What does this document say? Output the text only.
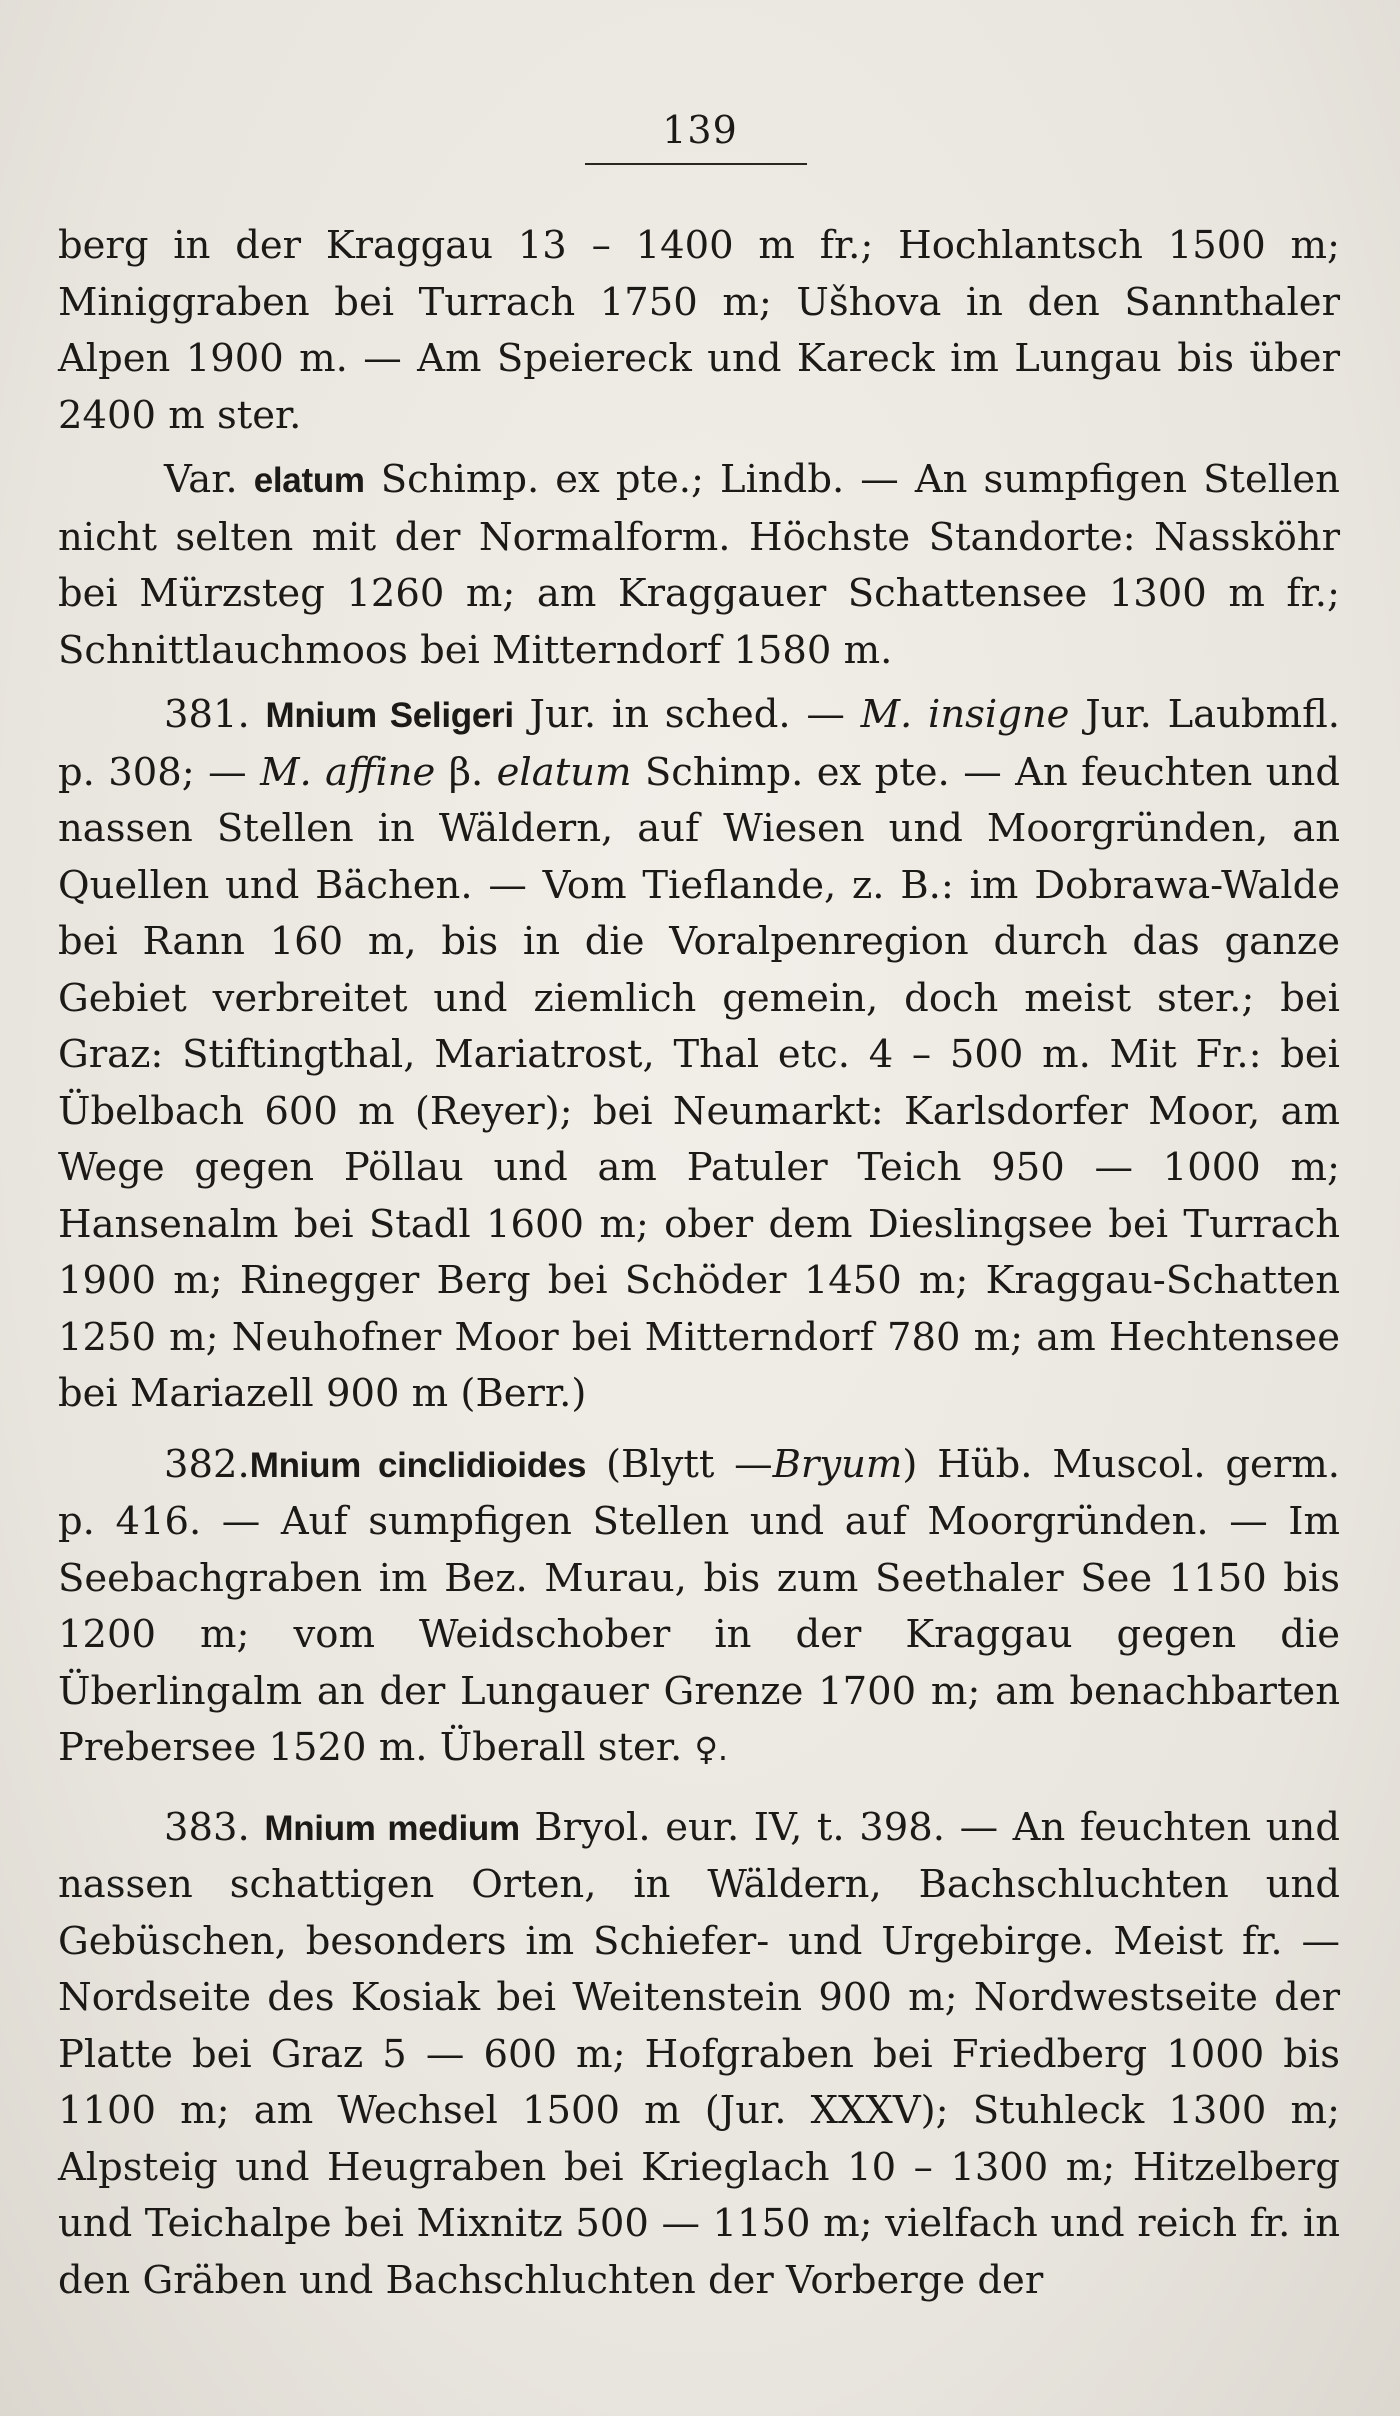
139

berg in der Kraggau 13 – 1400 m fr.; Hochlantsch 1500 m; Miniggraben bei Turrach 1750 m; Ušhova in den Sannthaler Alpen 1900 m. — Am Speiereck und Kareck im Lungau bis über 2400 m ster.

Var. elatum Schimp. ex pte.; Lindb. — An sumpfigen Stellen nicht selten mit der Normalform. Höchste Standorte: Nassköhr bei Mürzsteg 1260 m; am Kraggauer Schattensee 1300 m fr.; Schnittlauchmoos bei Mitterndorf 1580 m.

381. Mnium Seligeri Jur. in sched. — M. insigne Jur. Laubmfl. p. 308; — M. affine β. elatum Schimp. ex pte. — An feuchten und nassen Stellen in Wäldern, auf Wiesen und Moorgründen, an Quellen und Bächen. — Vom Tieflande, z. B.: im Dobrawa-Walde bei Rann 160 m, bis in die Voralpenregion durch das ganze Gebiet verbreitet und ziemlich gemein, doch meist ster.; bei Graz: Stiftingthal, Mariatrost, Thal etc. 4 – 500 m. Mit Fr.: bei Übelbach 600 m (Reyer); bei Neumarkt: Karlsdorfer Moor, am Wege gegen Pöllau und am Patuler Teich 950 — 1000 m; Hansenalm bei Stadl 1600 m; ober dem Dieslingsee bei Turrach 1900 m; Rinegger Berg bei Schöder 1450 m; Kraggau-Schatten 1250 m; Neuhofner Moor bei Mitterndorf 780 m; am Hechtensee bei Mariazell 900 m (Berr.)

382.Mnium cinclidioides (Blytt —Bryum) Hüb. Muscol. germ. p. 416. — Auf sumpfigen Stellen und auf Moorgründen. — Im Seebachgraben im Bez. Murau, bis zum Seethaler See 1150 bis 1200 m; vom Weidschober in der Kraggau gegen die Überlingalm an der Lungauer Grenze 1700 m; am benachbarten Prebersee 1520 m. Überall ster. ♀.

383. Mnium medium Bryol. eur. IV, t. 398. — An feuchten und nassen schattigen Orten, in Wäldern, Bachschluchten und Gebüschen, besonders im Schiefer- und Urgebirge. Meist fr. — Nordseite des Kosiak bei Weitenstein 900 m; Nordwestseite der Platte bei Graz 5 — 600 m; Hofgraben bei Friedberg 1000 bis 1100 m; am Wechsel 1500 m (Jur. XXXV); Stuhleck 1300 m; Alpsteig und Heugraben bei Krieglach 10 – 1300 m; Hitzelberg und Teichalpe bei Mixnitz 500 — 1150 m; vielfach und reich fr. in den Gräben und Bachschluchten der Vorberge der
